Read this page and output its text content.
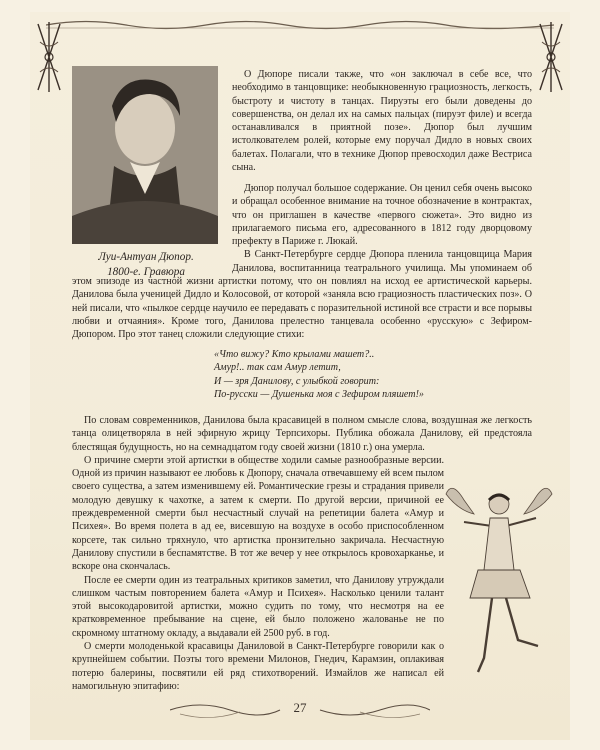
Луи-Антуан Дюпор.
1800-е. Гравюра
О Дюпоре писали также, что «он заключал в себе все, что необходимо в танцовщике: необыкновенную грациозность, легкость, быстроту и чистоту в танцах. Пируэты его были доведены до совершенства, он делал их на самых пальцах (пируэт филе) и всегда останавливался в приятной позе». Дюпор был лучшим истолкователем ролей, которые ему поручал Дидло в новых своих балетах. Полагали, что в технике Дюпор превосходил даже Вестриса сына.

Дюпор получал большое содержание. Он ценил себя очень высоко и обращал особенное внимание на точное обозначение в контрактах, что он приглашен в качестве «первого сюжета». Это видно из прилагаемого письма его, адресованного в 1812 году дворцовому префекту в Париже г. Люкай.

В Санкт-Петербурге сердце Дюпора пленила танцовщица Мария Данилова, воспитанница театрального училища. Мы упоминаем об этом эпизоде из частной жизни артистки потому, что он повлиял на исход ее артистической карьеры. Данилова была ученицей Дидло и Колосовой, от которой «заняла всю грациозность пластических поз». О ней писали, что «пылкое сердце научило ее передавать с поразительной истиной все страсти и все порывы любви и отчаяния». Кроме того, Данилова прелестно танцевала особенно «русскую» с Зефиром-Дюпором. Про этот танец сложили следующие стихи:

«Что вижу? Кто крылами машет?..
Амур!.. так сам Амур летит,
И — зря Данилову, с улыбкой говорит:
По-русски — Душенька моя с Зефиром пляшет!»

По словам современников, Данилова была красавицей в полном смысле слова, воздушная же легкость танца олицетворяла в ней эфирную жрицу Терпсихоры. Публика обожала Данилову, ей предстояла блестящая будущность, но на семнадцатом году своей жизни (1810 г.) она умерла.

О причине смерти этой артистки в обществе ходили самые разнообразные версии. Одной из причин называют ее любовь к Дюпору, сначала отвечавшему ей всем пылом своего существа, а затем изменившему ей. Романтические грезы и страдания привели молодую девушку к чахотке, а затем к смерти. По другой версии, причиной ее преждевременной смерти был несчастный случай на репетиции балета «Амур и Психея». Во время полета в ад ее, висевшую на воздухе в особо приспособленном корсете, так сильно тряхнуло, что артистка пронзительно закричала. Несчастную Данилову спустили в беспамятстве. В тот же вечер у нее открылось кровохарканье, и вскоре она скончалась.

После ее смерти один из театральных критиков заметил, что Данилову утруждали слишком частым повторением балета «Амур и Психея». Насколько ценили талант этой высокодаровитой артистки, можно судить по тому, что несмотря на ее кратковременное пребывание на сцене, ей было положено жалованье не по скромному штатному окладу, а выдавали ей 2500 руб. в год.

О смерти молоденькой красавицы Даниловой в Санкт-Петербурге говорили как о крупнейшем событии. Поэты того времени Милонов, Гнедич, Карамзин, оплакивая потерю балерины, посвятили ей ряд стихотворений. Измайлов же написал ей намогильную эпитафию:

27
